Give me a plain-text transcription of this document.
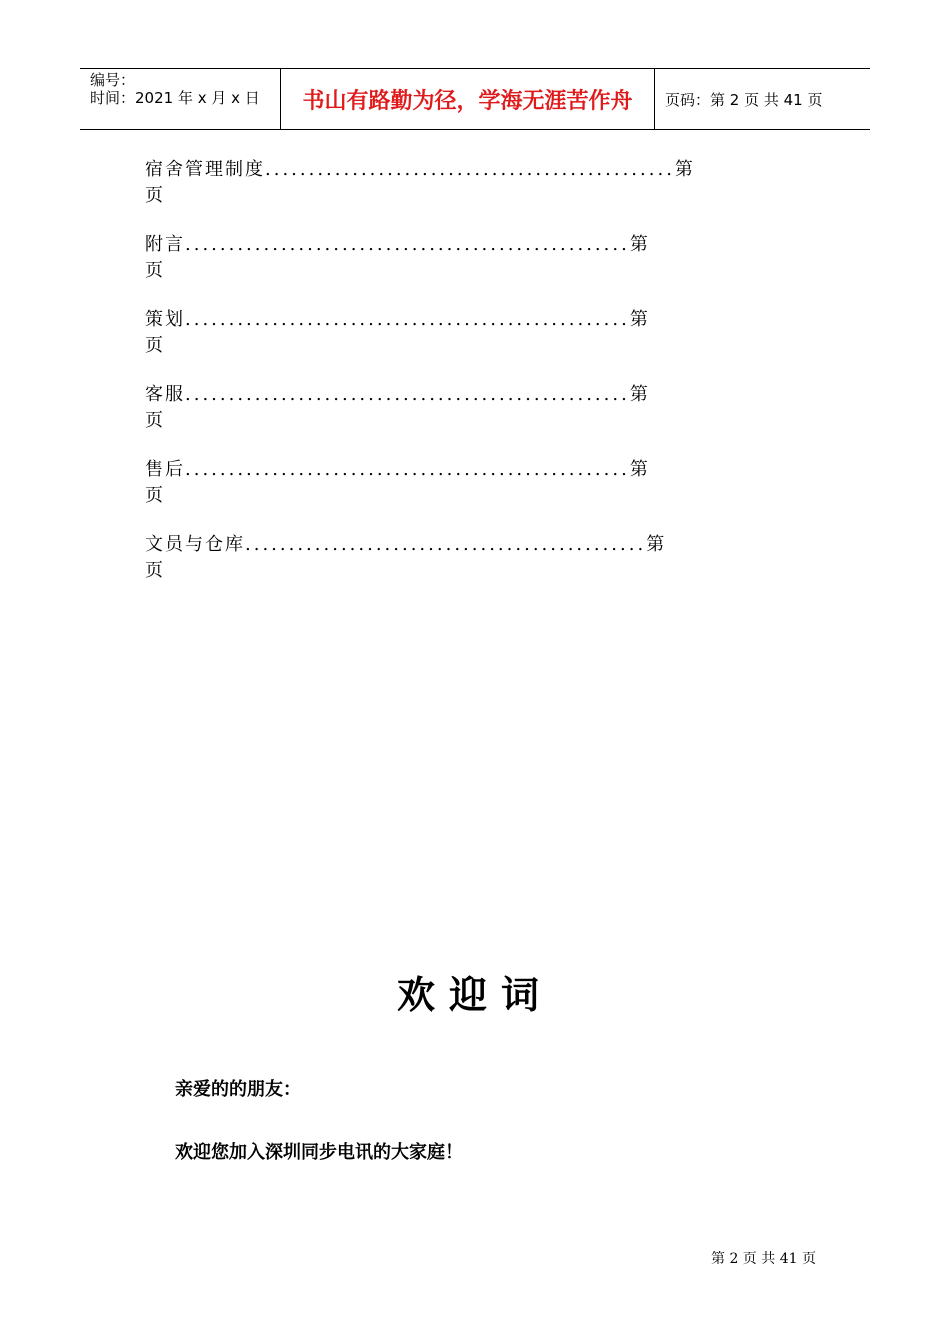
编号：
时间：2021 年 x 月 x 日	书山有路勤为径，学海无涯苦作舟	页码：第 2 页 共 41 页
宿舍管理制度...............................................第
页
附言...................................................第
页
策划...................................................第
页
客服...................................................第
页
售后...................................................第
页
文员与仓库..............................................第
页
欢迎词
亲爱的的朋友：
欢迎您加入深圳同步电讯的大家庭！
第 2 页 共 41 页
